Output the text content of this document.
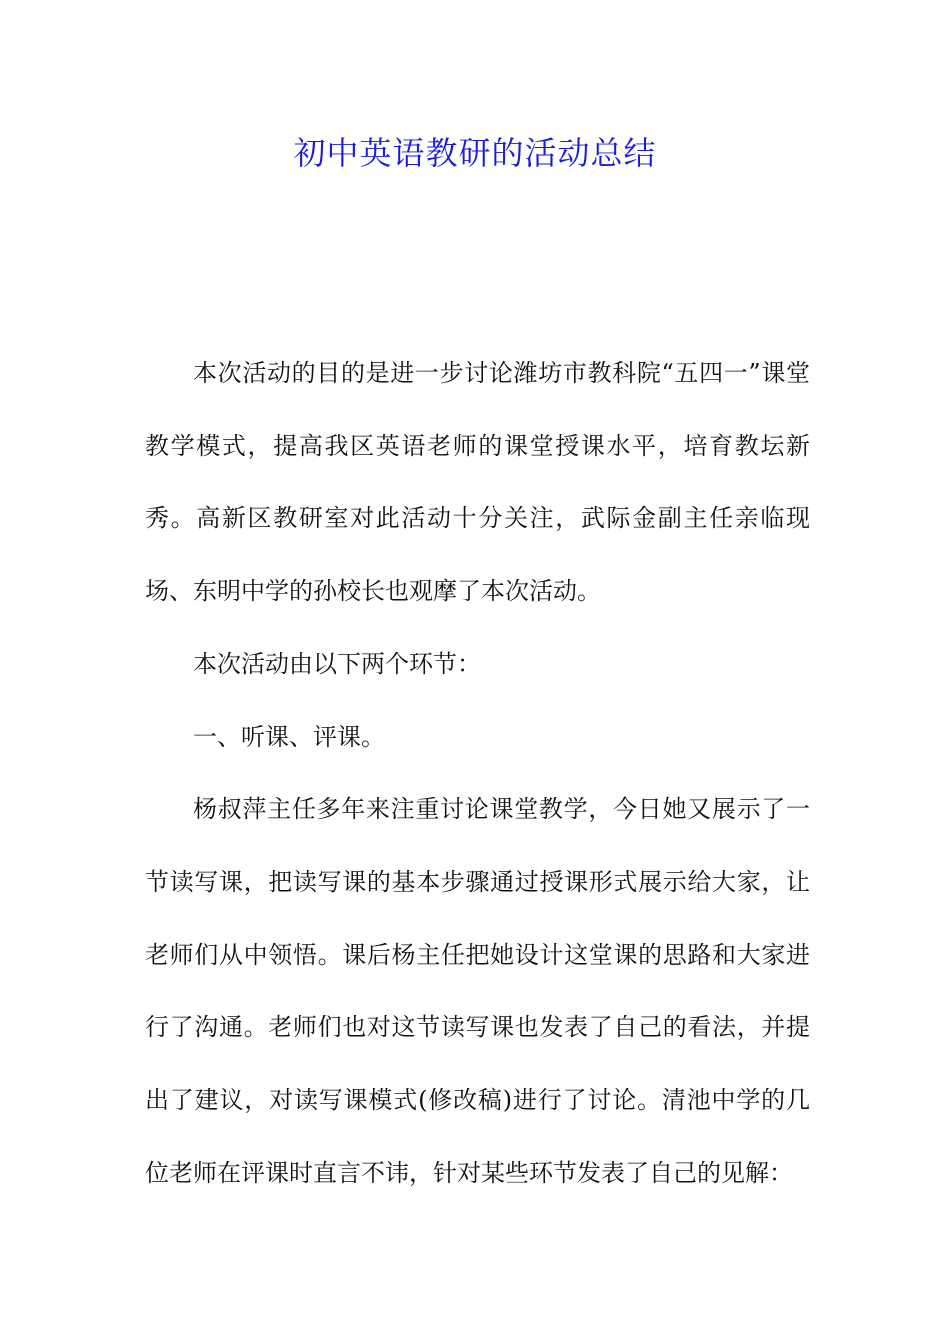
初中英语教研的活动总结

本次活动的目的是进一步讨论潍坊市教科院“五四一”课堂教学模式，提高我区英语老师的课堂授课水平，培育教坛新秀。高新区教研室对此活动十分关注，武际金副主任亲临现场、东明中学的孙校长也观摩了本次活动。

本次活动由以下两个环节：

一、听课、评课。

杨叔萍主任多年来注重讨论课堂教学，今日她又展示了一节读写课，把读写课的基本步骤通过授课形式展示给大家，让老师们从中领悟。课后杨主任把她设计这堂课的思路和大家进行了沟通。老师们也对这节读写课也发表了自己的看法，并提出了建议，对读写课模式(修改稿)进行了讨论。清池中学的几位老师在评课时直言不讳，针对某些环节发表了自己的见解：
